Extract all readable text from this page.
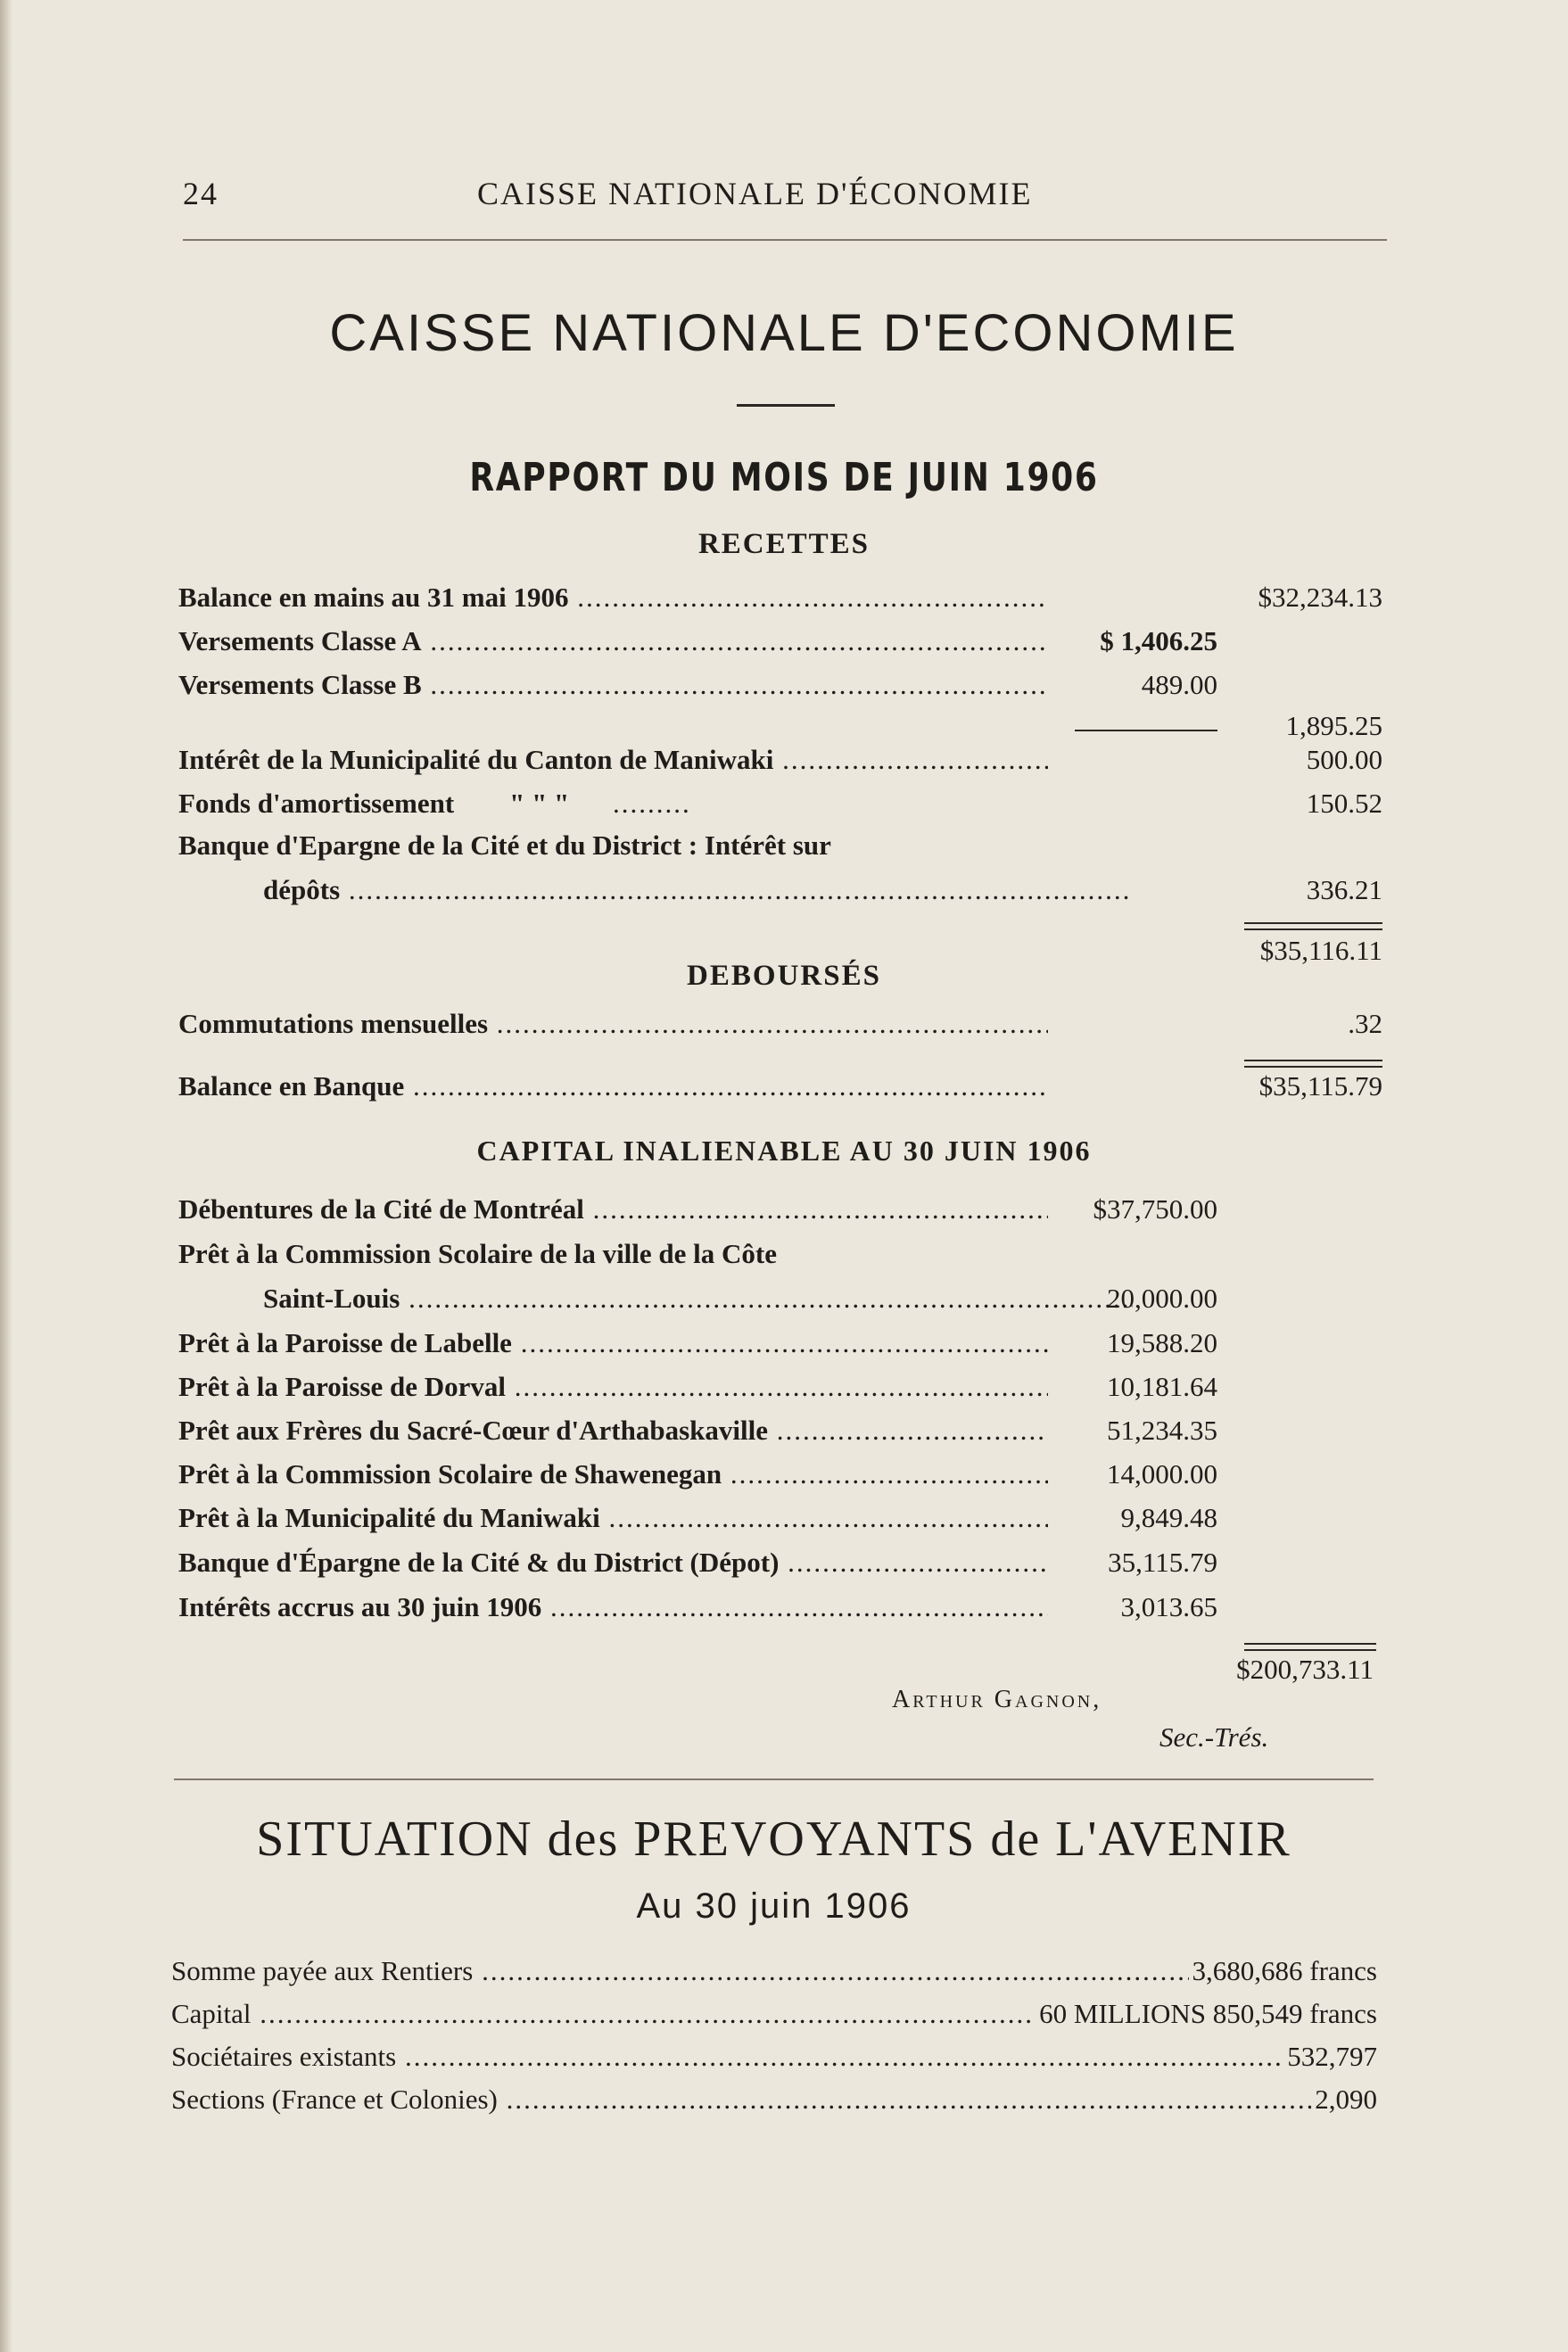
24	CAISSE NATIONALE D'ÉCONOMIE
CAISSE NATIONALE D'ECONOMIE
RAPPORT DU MOIS DE JUIN 1906
RECETTES
Balance en mains au 31 mai 1906 .....	$32,234.13
Versements Classe A .....	$ 1,406.25
Versements Classe B .....	489.00
1,895.25
Intérêt de la Municipalité du Canton de Maniwaki .....	500.00
Fonds d'amortissement " " "     .........	150.52
Banque d'Epargne de la Cité et du District : Intérêt sur
dépôts .....	336.21
$35,116.11
DEBOURSÉS
Commutations mensuelles .....	.32
Balance en Banque .....	$35,115.79
CAPITAL INALIENABLE AU 30 JUIN 1906
Débentures de la Cité de Montréal .....	$37,750.00
Prêt à la Commission Scolaire de la ville de la Côte
Saint-Louis .....	20,000.00
Prêt à la Paroisse de Labelle .....	19,588.20
Prêt à la Paroisse de Dorval .....	10,181.64
Prêt aux Frères du Sacré-Cœur d'Arthabaskaville .....	51,234.35
Prêt à la Commission Scolaire de Shawenegan .....	14,000.00
Prêt à la Municipalité du Maniwaki .....	9,849.48
Banque d'Épargne de la Cité & du District (Dépot) .....	35,115.79
Intérêts accrus au 30 juin 1906 .....	3,013.65
$200,733.11
Arthur Gagnon,
Sec.-Trés.
SITUATION des PREVOYANTS de L'AVENIR
Au 30 juin 1906
Somme payée aux Rentiers .....	3,680,686 francs
Capital .....	60 MILLIONS 850,549 francs
Sociétaires existants .....	532,797
Sections (France et Colonies) .....	2,090
